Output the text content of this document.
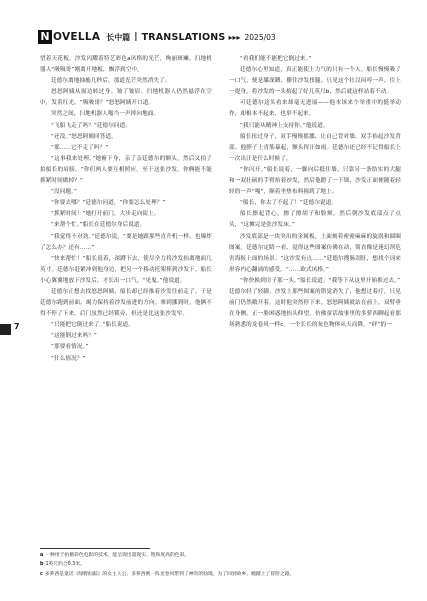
N OVELLA 长中篇 | TRANSLATIONS ▸▸▸ 2025/03

望着天花板。沙发闪耀着特艺彩色a风格的光芒，绚丽斑斓。扫地机器人“吸吸哥”刚离开地板，飘浮到空中。

廷德尔离地抽搐几秒后，那道光芒突然消失了。

怒怒阿姨从窗边转过身。皱了皱眉。扫地机器人仍然悬浮在空中，发着红光。“吸吸哥？”怒怒阿姨开口道。

突然之间，扫地机器人嗡当一声摔向地面。

“飞船飞走了吗？”廷德尔问道。

“还没。”怒怒阿姨回答道。

“那……它不走了吗？”

“这事我来处理。”她俯下身，亲了亲廷德尔的额头，然后又拍了拍船长的肩膀，“你们两人要互相照应。至于这张沙发，你俩能不能抓紧时间做掉？”

“没问题。”

“你要去哪？”廷德尔问道，“你要怎么处理？”

“抓紧时间！”她打开前门，大步走向街上。

“来帮个忙。”船长在廷德尔身后说道。

“我觉得不对劲。”廷德尔说，“要是她跟那些直升机一样，也爆炸了怎么办？还有……”

“快来帮忙！”船长说着，深蹲下去，使尽全力将沙发抬离地面几英寸。廷德尔赶紧冲到他身边，把另一个移动托架摔到沙发下。船长小心翼翼地放下沙发后，才长出一口气。“见鬼。”他说道。

廷德尔正想去找怒怒阿姨，船长却已经推着沙发往前走了。于是廷德尔跑到前面，竭力保持着沙发前进的方向。寨到挪到时，他俩不得不停了下来。后门虽然已经锁旁，但还是比这张沙发窄。

“只能把它倒过来了。”船长说道。

“这能倒过来吗？”

“那要看情况。”

“什么情况？”

“看我们能不能把它倒过来。”

廷德尔心里知道，真正能使上力气的只有一个人。船长慢慢吸了一口气，便是膝深蹲，攥住沙发扭腿。只见这个壮汉闷哼一声，往上一提身，将沙发的一头抬起了好几英尺b，然后就这样站着不动。

可廷德尔这头看来却毫无进展——他本该来个举重中的挺举动作，却根本不起来，也举不起来。

“我只能从精神上支持你。”他说道。

船长扭过身子，双手慢慢摇挪，让自己背对墙。双手抬起沙发背部。他脖子上青筋暴起，额头挥汗如雨。廷德尔还已经不记得船长上一次出汗是什么时候了。

“你闪开。”船长说着，一脚向后抵住墙。只靠另一条结实的大腿和一双壮硕的手臂抬着沙发，然后他蹬了一下墙，沙发正面便随着轻轻的一声“嘎”，顺着坐垫布料撞到了地上。

“船长，你太了不起了！”廷德尔说道。

船长擦起背心，擦了擦胡子和脸颊，然后朝沙发底部点了点头，“这摊完是张沙发床。”

沙发底部是一块突出的金属板，上面刻着密密麻麻的旋涡和圆圈图案。廷德尔定睛一看，觉得这些图案仿佛在动，简直像是迷幻剂危害海报上面的场景。“这沙发有点……”廷德尔搜肠刮肚，想找个词来形容内心翻涌的感受。“……欧式风格。”

“你快换到房子那一头。”船长说道。“我等下从这里开始推过去。”

廷德尔轻了轻脚。沙发上那些图案的错觉消失了；他想过着疗，只见前门仍然敞开着，这时他突然停下来。怒怒阿姨就站在前上，双臂垂在身侧。正一脸困惑地抬头仰望，仿佛童话故事里的多萝西聊起看那场熟悉的龙卷风一样c。一个长长的灰色物体从天而降，“砰”的一

7

a 一种用于拍摄彩色电影的技术，能呈现出超现实、饱和度高的色彩。

b 1英尺约合0.3米。

c 多萝西是童话《绿野仙踪》的女主人公，多萝西被一阵龙卷风带到了神奇的仙境，为了回到故乡，她踏上了冒险之路。
